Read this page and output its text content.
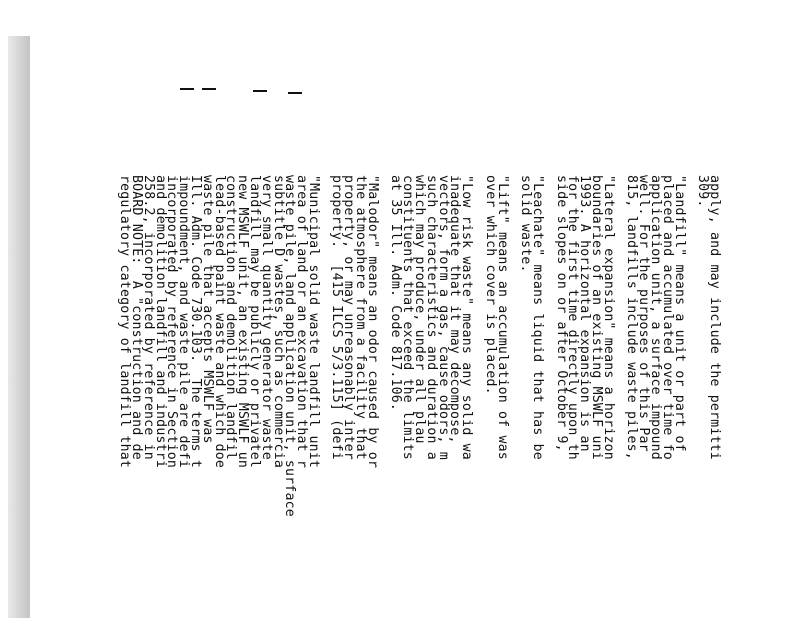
apply, and may include the permitti
309.
"Landfill" means a unit or part of
placed and accumulated over time fo
application unit, a surface impound
well. For the purposes of this Par
815, landfills include waste piles,
"Lateral expansion" means a horizon
boundaries of an existing MSWLF uni
1993. A horizontal expansion is an
for the first time directly upon th
side slopes on or after October 9,
"Leachate" means liquid that has be
solid waste.
"Lift" means an accumulation of was
over which cover is placed.
"Low risk waste" means any solid wa
inadequate that it may decompose,
vectors, form a gas, cause odors, m
such characteristics and duration a
which may produce, under all plau
constituents that exceed the limits
at 35 Ill. Adm. Code 817.106.
"Malodor" means an odor caused by or
the atmosphere from a facility that
property, or may unreasonably inter
property.  [415 ILCS 5/3.115] (defi
"Municipal solid waste landfill unit
area of land or an excavation that r
waste pile, land application unit, surface
subtitle D wastes, such as commercia
very small quantity generator waste
landfill may be publicly or privatel
new MSWLF unit, an existing MSWLF un
construction and demolition landfil
lead-based paint waste and which doe
waste pile that accepts MSWLF was
Ill. Adm. Code 730.103.  The terms t
impoundment, and waste pile are defi
incorporated by reference in Section
and demolition landfill and industri
258.2, incorporated by reference in
BOARD NOTE:  A "construction and de
regulatory category of landfill that
